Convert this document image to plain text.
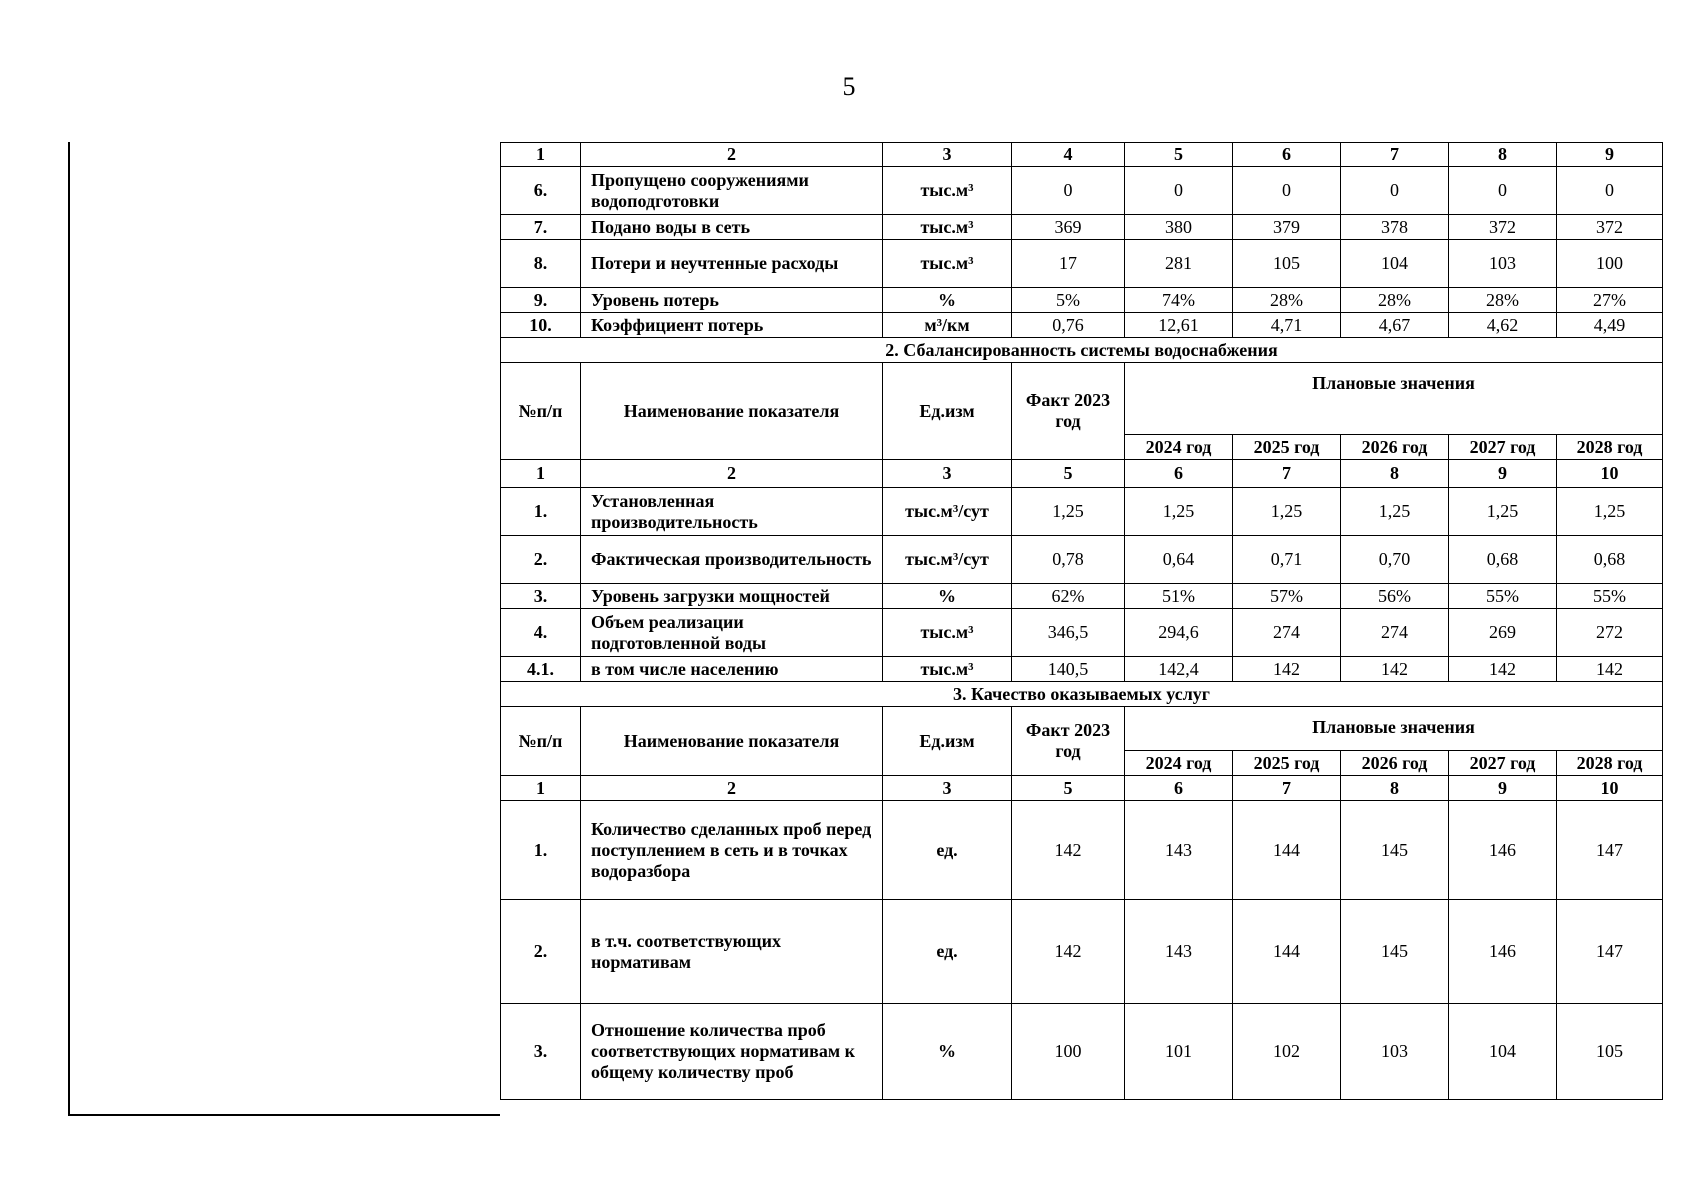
5
1	2	3	4	5	6	7	8	9
6.	Пропущено сооружениями водоподготовки	тыс.м³	0	0	0	0	0	0
7.	Подано воды в сеть	тыс.м³	369	380	379	378	372	372
8.	Потери и неучтенные расходы	тыс.м³	17	281	105	104	103	100
9.	Уровень потерь	%	5%	74%	28%	28%	28%	27%
10.	Коэффициент потерь	м³/км	0,76	12,61	4,71	4,67	4,62	4,49
2. Сбалансированность системы водоснабжения								
№п/п	Наименование показателя	Ед.изм	Факт 2023 год	Плановые значения				
				2024 год	2025 год	2026 год	2027 год	2028 год
1	2	3	5	6	7	8	9	10
1.	Установленная производительность	тыс.м³/сут	1,25	1,25	1,25	1,25	1,25	1,25
2.	Фактическая производительность	тыс.м³/сут	0,78	0,64	0,71	0,70	0,68	0,68
3.	Уровень загрузки мощностей	%	62%	51%	57%	56%	55%	55%
4.	Объем реализации подготовленной воды	тыс.м³	346,5	294,6	274	274	269	272
4.1.	в том числе населению	тыс.м³	140,5	142,4	142	142	142	142
3. Качество оказываемых услуг								
№п/п	Наименование показателя	Ед.изм	Факт 2023 год	Плановые значения				
				2024 год	2025 год	2026 год	2027 год	2028 год
1	2	3	5	6	7	8	9	10
1.	Количество сделанных проб перед поступлением в сеть и в точках водоразбора	ед.	142	143	144	145	146	147
2.	в т.ч. соответствующих нормативам	ед.	142	143	144	145	146	147
3.	Отношение количества проб соответствующих нормативам к общему количеству проб	%	100	101	102	103	104	105
